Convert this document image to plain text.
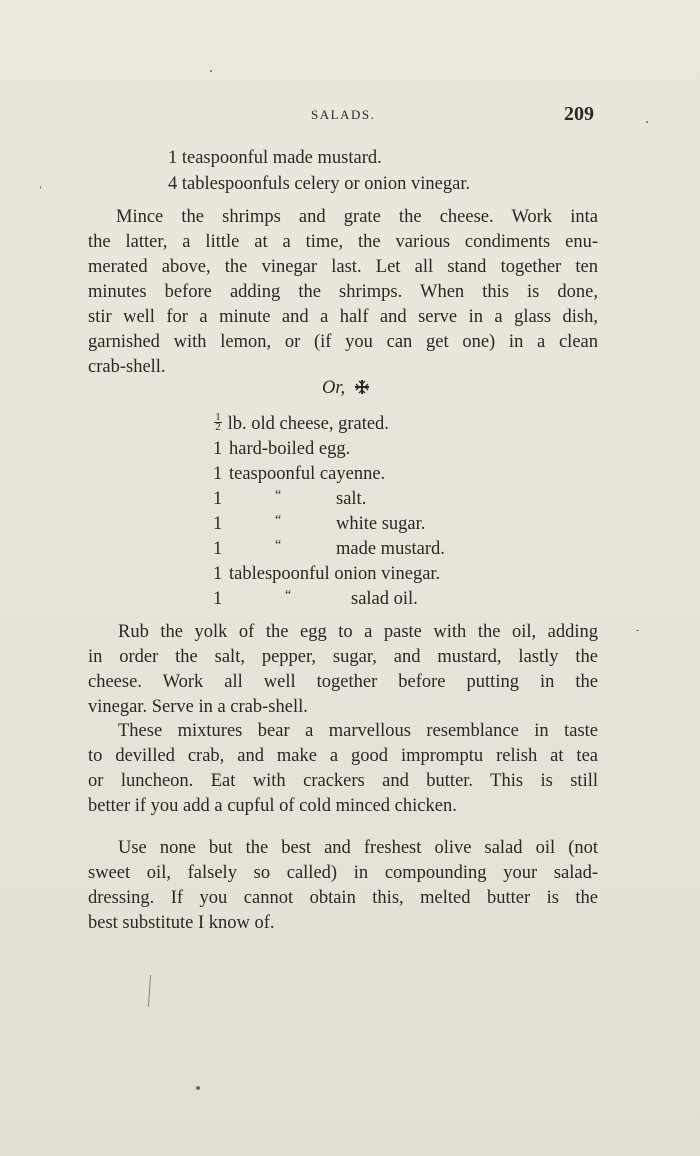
SALADS.	209
1 teaspoonful made mustard.
4 tablespoonfuls celery or onion vinegar.
Mince the shrimps and grate the cheese. Work inta
the latter, a little at a time, the various condiments enu-
merated above, the vinegar last. Let all stand together ten
minutes before adding the shrimps. When this is done,
stir well for a minute and a half and serve in a glass dish,
garnished with lemon, or (if you can get one) in a clean
crab-shell.
Or,
$\frac{1}{2}$ lb. old cheese, grated.
1 hard-boiled egg.
1 teaspoonful cayenne.
1	“	salt.
1	“	white sugar.
1	“	made mustard.
1 tablespoonful onion vinegar.
1	“	salad oil.
Rub the yolk of the egg to a paste with the oil, adding
in order the salt, pepper, sugar, and mustard, lastly the
cheese. Work all well together before putting in the
vinegar. Serve in a crab-shell.
These mixtures bear a marvellous resemblance in taste
to devilled crab, and make a good impromptu relish at tea
or luncheon. Eat with crackers and butter. This is still
better if you add a cupful of cold minced chicken.
Use none but the best and freshest olive salad oil (not
sweet oil, falsely so called) in compounding your salad-
dressing. If you cannot obtain this, melted butter is the
best substitute I know of.
